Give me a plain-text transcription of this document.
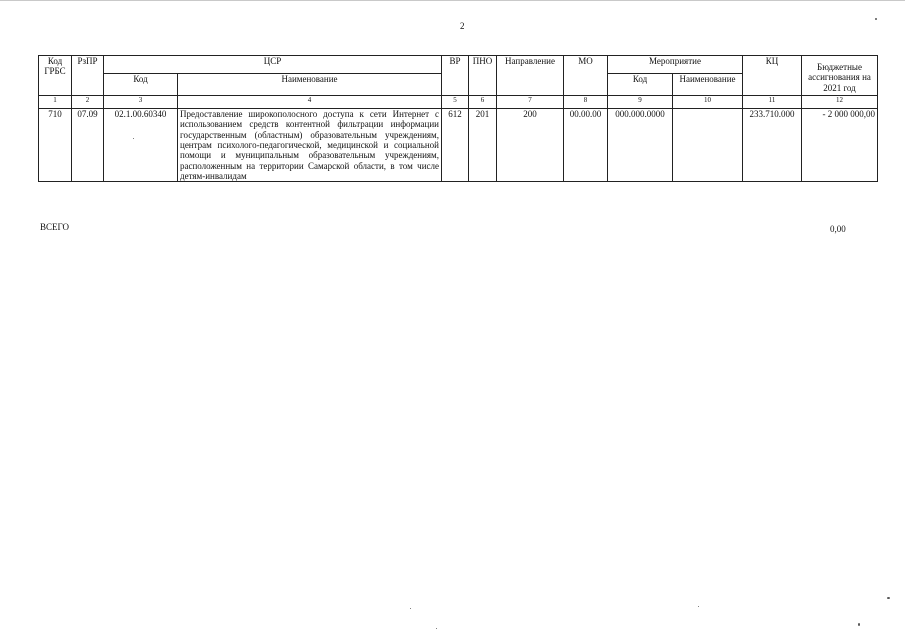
2
Код ГРБС	РзПР	ЦСР		ВР	ПНО	Направление	МО	Мероприятие		КЦ	Бюджетные ассигнования на 2021 год
		Код	Наименование					Код	Наименование		
1	2	3	4	5	6	7	8	9	10	11	12
710	07.09	02.1.00.60340	Предоставление широкополосного доступа к сети Интернет с использованием средств контентной фильтрации информации государственным (областным) образовательным учреждениям, центрам психолого-педагогической, медицинской и социальной помощи и муниципальным образовательным учреждениям, расположенным на территории Самарской области, в том числе детям-инвалидам	612	201	200	00.00.00	000.000.0000		233.710.000	- 2 000 000,00
ВСЕГО	0,00
